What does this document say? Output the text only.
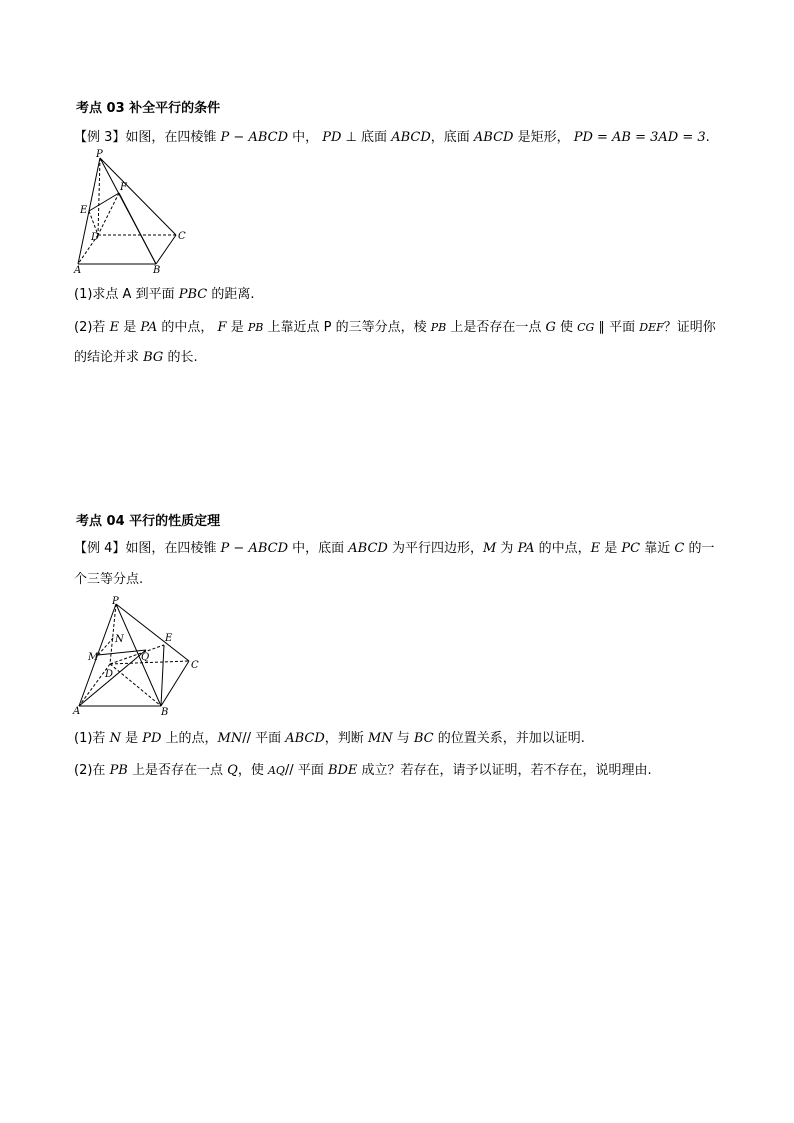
考点 03 补全平行的条件
【例 3】如图，在四棱锥 P − ABCD 中， PD ⊥ 底面 ABCD，底面 ABCD 是矩形， PD = AB = 3AD = 3.
P
F
E
D	C
A	B
(1)求点 A 到平面 PBC 的距离.
(2)若 E 是 PA 的中点， F 是 PB 上靠近点 P 的三等分点，棱 PB 上是否存在一点 G 使 CG ∥ 平面 DEF？证明你
的结论并求 BG 的长.
考点 04 平行的性质定理
【例 4】如图，在四棱锥 P − ABCD 中，底面 ABCD 为平行四边形，M 为 PA 的中点，E 是 PC 靠近 C 的一
个三等分点.
P
N	E
M	Q
C
D
A	B
(1)若 N 是 PD 上的点，MN// 平面 ABCD，判断 MN 与 BC 的位置关系，并加以证明.
(2)在 PB 上是否存在一点 Q，使 AQ// 平面 BDE 成立？若存在，请予以证明，若不存在，说明理由.
